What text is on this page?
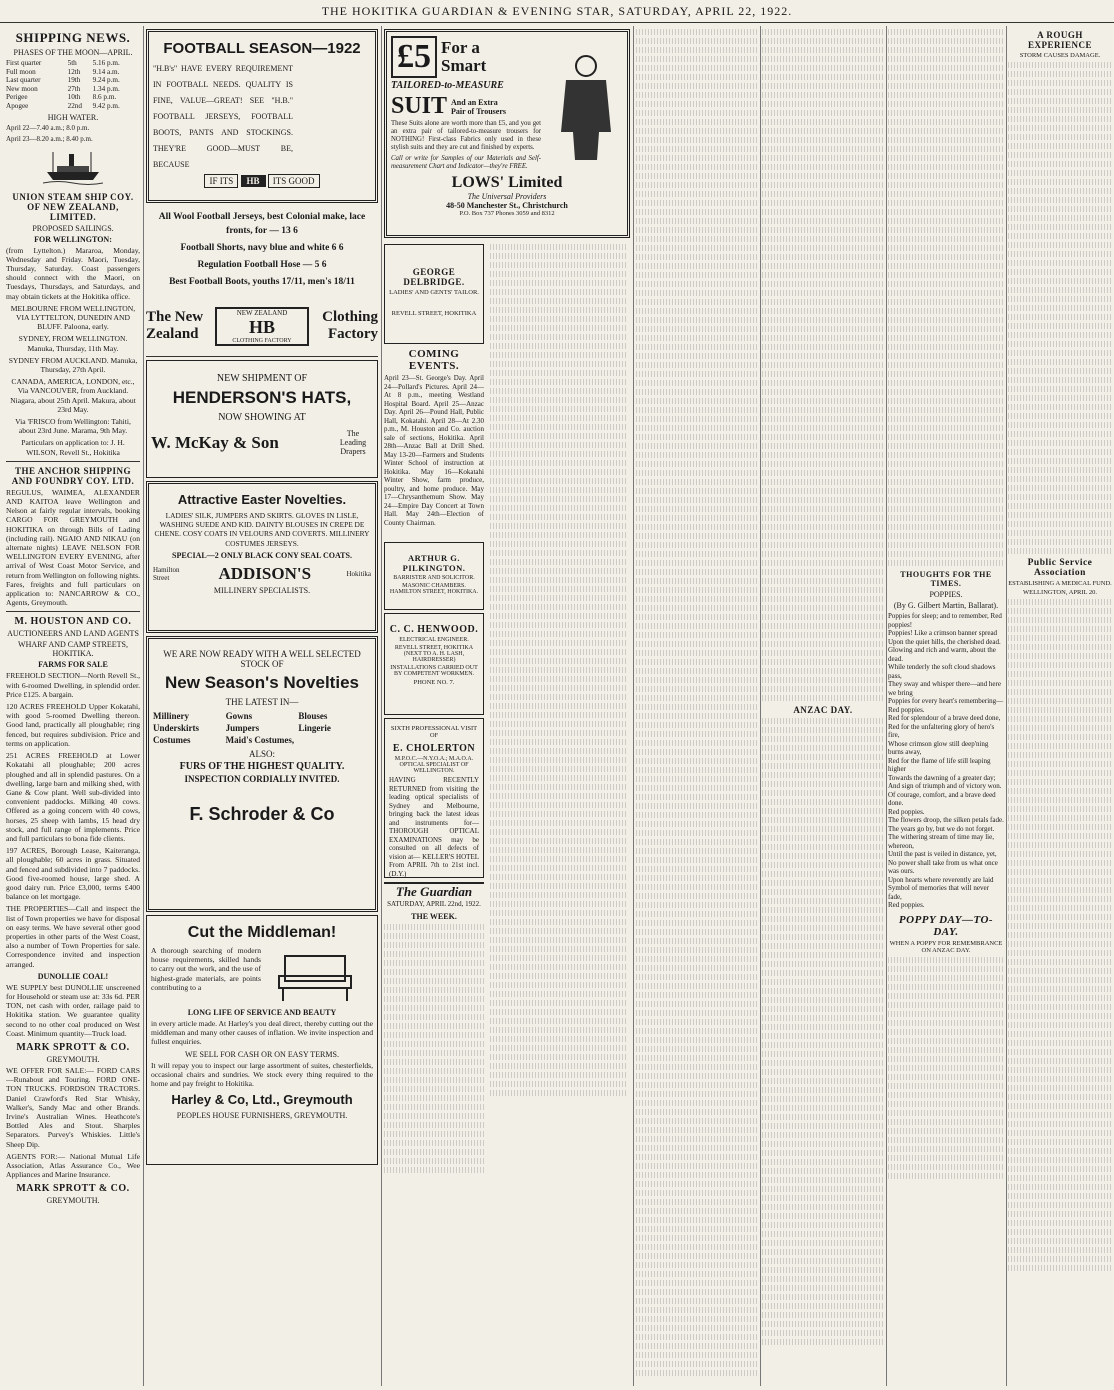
THE HOKITIKA GUARDIAN & EVENING STAR, SATURDAY, APRIL 22, 1922.
SHIPPING NEWS.
PHASES OF THE MOON—APRIL.
First quarter	5th	5.16 p.m.
Full moon	12th	9.14 a.m.
Last quarter	19th	9.24 p.m.
New moon	27th	1.34 p.m.
Perigee	10th	8.6 p.m.
Apogee	22nd	9.42 p.m.
HIGH WATER.
April 22—7.40 a.m.; 8.0 p.m.
April 23—8.20 a.m.; 8.40 p.m.
UNION STEAM SHIP COY. OF NEW ZEALAND, LIMITED.
PROPOSED SAILINGS.
FOR WELLINGTON:

(from Lyttelton.) Mararoa, Monday, Wednesday and Friday. Maori, Tuesday, Thursday, Saturday. Coast passengers should connect with the Maori, on Tuesdays, Thursdays, and Saturdays, and may obtain tickets at the Hokitika office.

MELBOURNE FROM WELLINGTON, VIA LYTTELTON, DUNEDIN AND BLUFF. Paloona, early.

SYDNEY, FROM WELLINGTON. Manuka, Thursday, 11th May.

SYDNEY FROM AUCKLAND. Manuka, Thursday, 27th April.

CANADA, AMERICA, LONDON, etc., Via VANCOUVER, from Auckland. Niagara, about 25th April. Makura, about 23rd May.

Via 'FRISCO from Wellington: Tahiti, about 23rd June. Marama, 9th May.

Particulars on application to: J. H. WILSON, Revell St., Hokitika

THE ANCHOR SHIPPING AND FOUNDRY COY. LTD.

REGULUS, WAIMEA, ALEXANDER AND KAITOA leave Wellington and Nelson at fairly regular intervals, booking CARGO FOR GREYMOUTH and HOKITIKA on through Bills of Lading (including rail). NGAIO AND NIKAU (on alternate nights) LEAVE NELSON FOR WELLINGTON EVERY EVENING, after arrival of West Coast Motor Service, and return from Wellington on following nights. Fares, freights and full particulars on application to: NANCARROW & CO., Agents, Greymouth.

M. HOUSTON AND CO.
AUCTIONEERS AND LAND AGENTS
WHARF AND CAMP STREETS, HOKITIKA.
FARMS FOR SALE

FREEHOLD SECTION—North Revell St., with 6-roomed Dwelling, in splendid order. Price £125. A bargain.

120 ACRES FREEHOLD Upper Kokatahi, with good 5-roomed Dwelling thereon. Good land, practically all ploughable; ring fenced, but requires subdivision. Price and terms on application.

251 ACRES FREEHOLD at Lower Kokatahi all ploughable; 200 acres ploughed and all in splendid pastures. On a dwelling, large barn and milking shed, with Gane & Cow plant. Well sub-divided into convenient paddocks. Milking 40 cows. Offered as a going concern with 40 cows, horses, 25 sheep with lambs, 15 head dry stock, and full range of implements. Price and full particulars to bona fide clients.

197 ACRES, Borough Lease, Kaiteranga, all ploughable; 60 acres in grass. Situated and fenced and subdivided into 7 paddocks. Good five-roomed house, large shed. A good dairy run. Price £3,000, terms £400 balance on let mortgage.

THE PROPERTIES—Call and inspect the list of Town properties we have for disposal on easy terms. We have several other good properties in other parts of the West Coast, also a number of Town Properties for sale. Correspondence invited and inspection arranged.

DUNOLLIE COAL!

WE SUPPLY best DUNOLLIE unscreened for Household or steam use at: 33s 6d. PER TON, net cash with order, railage paid to Hokitika station. We guarantee quality second to no other coal produced on West Coast. Minimum quantity—Truck load.

MARK SPROTT & CO.
GREYMOUTH.

WE OFFER FOR SALE:— FORD CARS—Runabout and Touring. FORD ONE-TON TRUCKS. FORDSON TRACTORS. Daniel Crawford's Red Star Whisky, Walker's, Sandy Mac and other Brands. Irvine's Australian Wines. Heathcote's Bottled Ales and Stout. Sharples Separators. Purvey's Whiskies. Little's Sheep Dip.

AGENTS FOR:— National Mutual Life Association, Atlas Assurance Co., Wee Appliances and Marine Insurance.

MARK SPROTT & CO.
GREYMOUTH.
FOOTBALL SEASON—1922

"H.B's" HAVE EVERY REQUIREMENT IN FOOTBALL NEEDS. QUALITY IS FINE, VALUE—GREAT! SEE "H.B." FOOTBALL JERSEYS, FOOTBALL BOOTS, PANTS AND STOCKINGS. THEY'RE GOOD—MUST BE, BECAUSE

IF ITS HB ITS GOOD
All Wool Football Jerseys, best Colonial make, lace fronts, for — 13 6
Football Shorts, navy blue and white 6 6
Regulation Football Hose — 5 6
Best Football Boots, youths 17/11, men's 18/11
The New Zealand
NEW ZEALAND
HB
CLOTHING FACTORY
Clothing Factory
NEW SHIPMENT OF
HENDERSON'S HATS,
NOW SHOWING AT
W. McKay & Son	The Leading Drapers
Attractive Easter Novelties.

LADIES' SILK, JUMPERS AND SKIRTS. GLOVES IN LISLE, WASHING SUEDE AND KID. DAINTY BLOUSES IN CREPE DE CHENE. COSY COATS IN VELOURS AND COVERTS. MILLINERY COSTUMES JERSEYS.

SPECIAL—2 ONLY BLACK CONY SEAL COATS.
Hamilton Street	ADDISON'S	Hokitika
MILLINERY SPECIALISTS.
WE ARE NOW READY WITH A WELL SELECTED STOCK OF
New Season's Novelties
THE LATEST IN—
Millinery	Gowns	Blouses
Underskirts	Jumpers	Lingerie
Costumes	Maid's Costumes,
ALSO:
FURS OF THE HIGHEST QUALITY.
INSPECTION CORDIALLY INVITED.
F. Schroder & Co
Cut the Middleman!

A thorough searching of modern house requirements, skilled hands to carry out the work, and the use of highest-grade materials, are points contributing to a

LONG LIFE OF SERVICE AND BEAUTY

in every article made. At Harley's you deal direct, thereby cutting out the middleman and many other causes of inflation. We invite inspection and fullest enquiries.

WE SELL FOR CASH OR ON EASY TERMS.

It will repay you to inspect our large assortment of suites, chesterfields, occasional chairs and sundries. We stock every thing required to the home and pay freight to Hokitika.

Harley & Co, Ltd., Greymouth
PEOPLES HOUSE FURNISHERS, GREYMOUTH.
£5 For a Smart
TAILORED-to-MEASURE
SUIT And an Extra Pair of Trousers

These Suits alone are worth more than £5, and you get an extra pair of tailored-to-measure trousers for NOTHING! First-class Fabrics only used in these stylish suits and they are cut and finished by experts.

Call or write for Samples of our Materials and Self-measurement Chart and Indicator—they're FREE.

LOWS' Limited
The Universal Providers
48-50 Manchester St., Christchurch
P.O. Box 737 Phones 3059 and 8312
GEORGE DELBRIDGE.
LADIES' AND GENTS' TAILOR.
REVELL STREET, HOKITIKA
COMING EVENTS.

April 23—St. George's Day. April 24—Pollard's Pictures. April 24—At 8 p.m., meeting Westland Hospital Board. April 25—Anzac Day. April 26—Pound Hall, Public Hall, Kokatahi. April 28—At 2.30 p.m., M. Houston and Co. auction sale of sections, Hokitika. April 28th—Anzac Ball at Drill Shed. May 13-20—Farmers and Students Winter School of instruction at Hokitika. May 16—Kokatahi Winter Show, farm produce, poultry, and home produce. May 17—Chrysanthemum Show. May 24—Empire Day Concert at Town Hall. May 24th—Election of County Chairman.

ARTHUR G. PILKINGTON.
BARRISTER AND SOLICITOR.
MASONIC CHAMBERS. HAMILTON STREET, HOKITIKA.
C. C. HENWOOD.
ELECTRICAL ENGINEER.
REVELL STREET, HOKITIKA (NEXT TO A. H. LASH, HAIRDRESSER)
INSTALLATIONS CARRIED OUT BY COMPETENT WORKMEN.
PHONE NO. 7.
SIXTH PROFESSIONAL VISIT OF
E. CHOLERTON
M.P.O.C.—N.Y.O.A.; M.A.O.A. OPTICAL SPECIALIST OF WELLINGTON.

HAVING RECENTLY RETURNED from visiting the leading optical specialists of Sydney and Melbourne, bringing back the latest ideas and instruments for— THOROUGH OPTICAL EXAMINATIONS may be consulted on all defects of vision at— KELLER'S HOTEL From APRIL 7th to 21st incl. (D.Y.)

The Guardian
SATURDAY, APRIL 22nd, 1922.
THE WEEK.
ANZAC DAY.
THOUGHTS FOR THE TIMES.
POPPIES.
(By G. Gilbert Martin, Ballarat).
Poppies for sleep; and to remember, Red poppies!
Poppies! Like a crimson banner spread
Upon the quiet hills, the cherished dead.
Glowing and rich and warm, about the dead.
While tenderly the soft cloud shadows pass,
They sway and whisper there—and here we bring
Poppies for every heart's remembering—
Red poppies.
Red for splendour of a brave deed done,
Red for the unfaltering glory of hero's fire,
Whose crimson glow still deep'ning burns away,
Red for the flame of life still leaping higher
Towards the dawning of a greater day;
And sign of triumph and of victory won.
Of courage, comfort, and a brave deed done.
Red poppies.
The flowers droop, the silken petals fade.
The years go by, but we do not forget.
The withering stream of time may lie, whereon,
Until the past is veiled in distance, yet,
No power shall take from us what once was ours.
Upon hearts where reverently are laid
Symbol of memories that will never fade,
Red poppies.
POPPY DAY—TO-DAY.
WHEN A POPPY FOR REMEMBRANCE ON ANZAC DAY.
A ROUGH EXPERIENCE
STORM CAUSES DAMAGE.
Public Service Association
ESTABLISHING A MEDICAL FUND.
WELLINGTON, APRIL 20.
